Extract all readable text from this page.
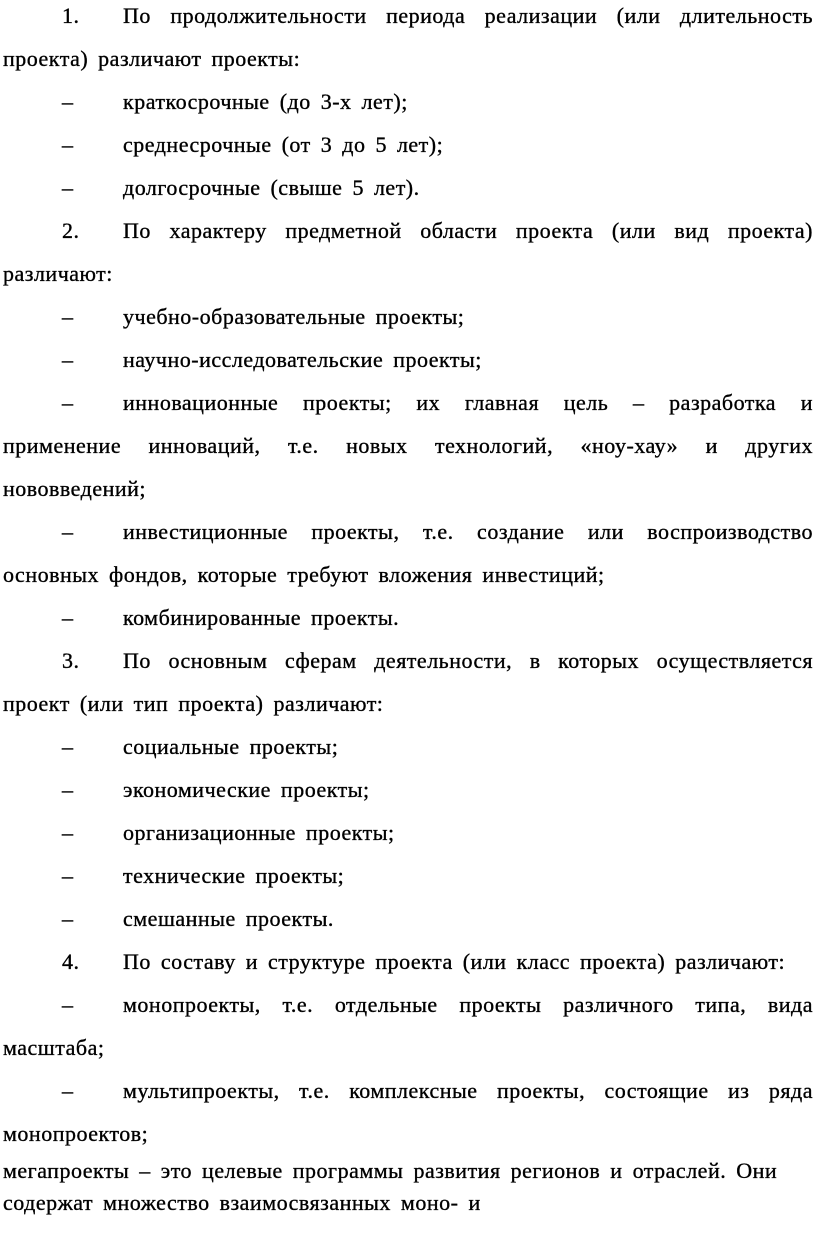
1. По продолжительности периода реализации (или длительность проекта) различают проекты:

– краткосрочные (до 3-х лет);

– среднесрочные (от 3 до 5 лет);

– долгосрочные (свыше 5 лет).

2. По характеру предметной области проекта (или вид проекта) различают:

– учебно-образовательные проекты;

– научно-исследовательские проекты;

– инновационные проекты; их главная цель – разработка и применение инноваций, т.е. новых технологий, «ноу-хау» и других нововведений;

– инвестиционные проекты, т.е. создание или воспроизводство основных фондов, которые требуют вложения инвестиций;

– комбинированные проекты.

3. По основным сферам деятельности, в которых осуществляется проект (или тип проекта) различают:

– социальные проекты;

– экономические проекты;

– организационные проекты;

– технические проекты;

– смешанные проекты.

4. По составу и структуре проекта (или класс проекта) различают:

– монопроекты, т.е. отдельные проекты различного типа, вида масштаба;

– мультипроекты, т.е. комплексные проекты, состоящие из ряда монопроектов;

мегапроекты – это целевые программы развития регионов и отраслей. Они содержат множество взаимосвязанных моно- и
